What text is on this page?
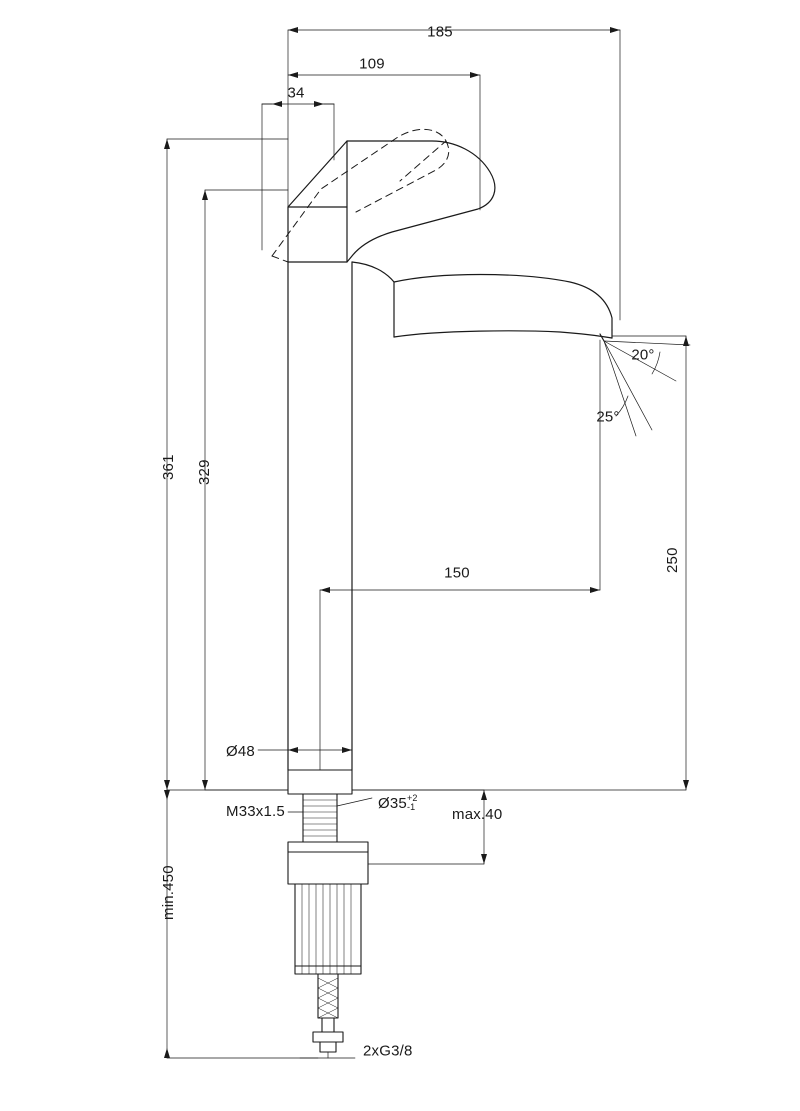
185
109
34
361 329
250
150
20°
25°
Ø48
M33x1.5	Ø35+2
-1 max.40
min.450
2xG3/8
